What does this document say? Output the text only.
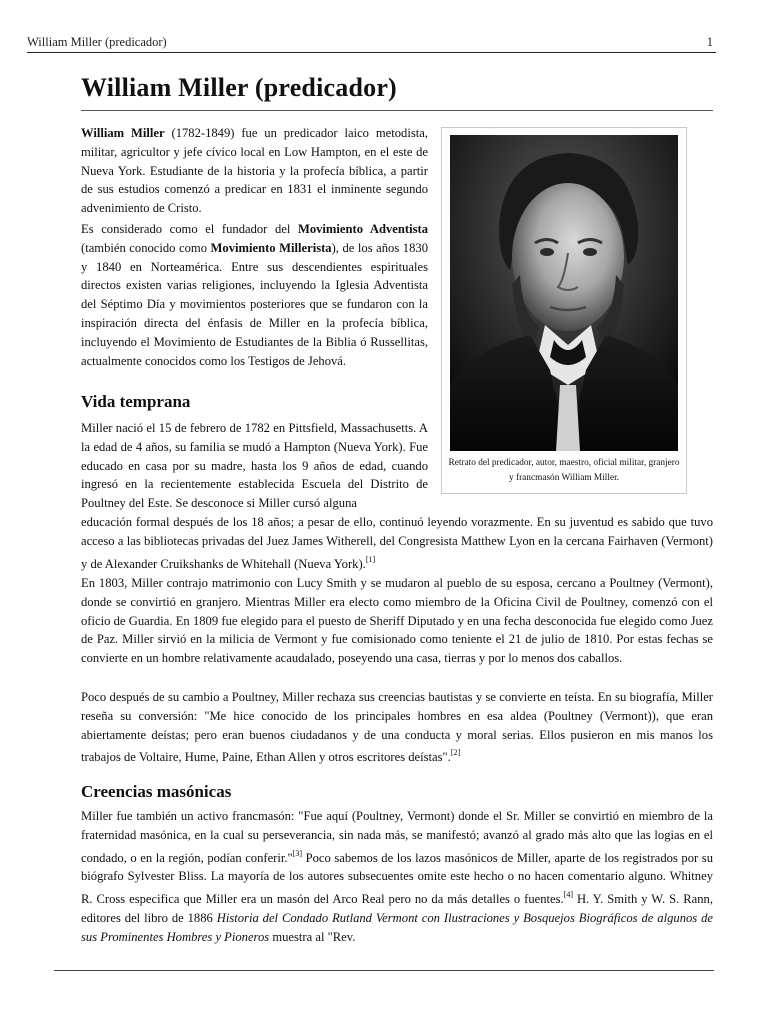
William Miller (predicador)	1
William Miller (predicador)

William Miller (1782-1849) fue un predicador laico metodista, militar, agricultor y jefe cívico local en Low Hampton, en el este de Nueva York. Estudiante de la historia y la profecía bíblica, a partir de sus estudios comenzó a predicar en 1831 el inminente segundo advenimiento de Cristo.

Es considerado como el fundador del Movimiento Adventista (también conocido como Movimiento Millerista), de los años 1830 y 1840 en Norteamérica. Entre sus descendientes espirituales directos existen varias religiones, incluyendo la Iglesia Adventista del Séptimo Día y movimientos posteriores que se fundaron con la inspiración directa del énfasis de Miller en la profecía bíblica, incluyendo el Movimiento de Estudiantes de la Biblia ó Russellitas, actualmente conocidos como los Testigos de Jehová.

Retrato del predicador, autor, maestro, oficial militar, granjero y francmasón William Miller.
Vida temprana

Miller nació el 15 de febrero de 1782 en Pittsfield, Massachusetts. A la edad de 4 años, su familia se mudó a Hampton (Nueva York). Fue educado en casa por su madre, hasta los 9 años de edad, cuando ingresó en la recientemente establecida Escuela del Distrito de Poultney del Este. Se desconoce si Miller cursó alguna

educación formal después de los 18 años; a pesar de ello, continuó leyendo vorazmente. En su juventud es sabido que tuvo acceso a las bibliotecas privadas del Juez James Witherell, del Congresista Matthew Lyon en la cercana Fairhaven (Vermont) y de Alexander Cruikshanks de Whitehall (Nueva York).[1]

En 1803, Miller contrajo matrimonio con Lucy Smith y se mudaron al pueblo de su esposa, cercano a Poultney (Vermont), donde se convirtió en granjero. Mientras Miller era electo como miembro de la Oficina Civil de Poultney, comenzó con el oficio de Guardia. En 1809 fue elegido para el puesto de Sheriff Diputado y en una fecha desconocida fue elegido como Juez de Paz. Miller sirvió en la milicia de Vermont y fue comisionado como teniente el 21 de julio de 1810. Por estas fechas se convierte en un hombre relativamente acaudalado, poseyendo una casa, tierras y por lo menos dos caballos.

Poco después de su cambio a Poultney, Miller rechaza sus creencias bautistas y se convierte en teísta. En su biografía, Miller reseña su conversión: "Me hice conocido de los principales hombres en esa aldea (Poultney (Vermont)), que eran abiertamente deístas; pero eran buenos ciudadanos y de una conducta y moral serias. Ellos pusieron en mis manos los trabajos de Voltaire, Hume, Paine, Ethan Allen y otros escritores deístas".[2]

Creencias masónicas

Miller fue también un activo francmasón: "Fue aquí (Poultney, Vermont) donde el Sr. Miller se convirtió en miembro de la fraternidad masónica, en la cual su perseverancia, sin nada más, se manifestó; avanzó al grado más alto que las logias en el condado, o en la región, podían conferir."[3] Poco sabemos de los lazos masónicos de Miller, aparte de los registrados por su biógrafo Sylvester Bliss. La mayoría de los autores subsecuentes omite este hecho o no hacen comentario alguno. Whitney R. Cross especifica que Miller era un masón del Arco Real pero no da más detalles o fuentes.[4] H. Y. Smith y W. S. Rann, editores del libro de 1886 Historia del Condado Rutland Vermont con Ilustraciones y Bosquejos Biográficos de algunos de sus Prominentes Hombres y Pioneros muestra al "Rev.
